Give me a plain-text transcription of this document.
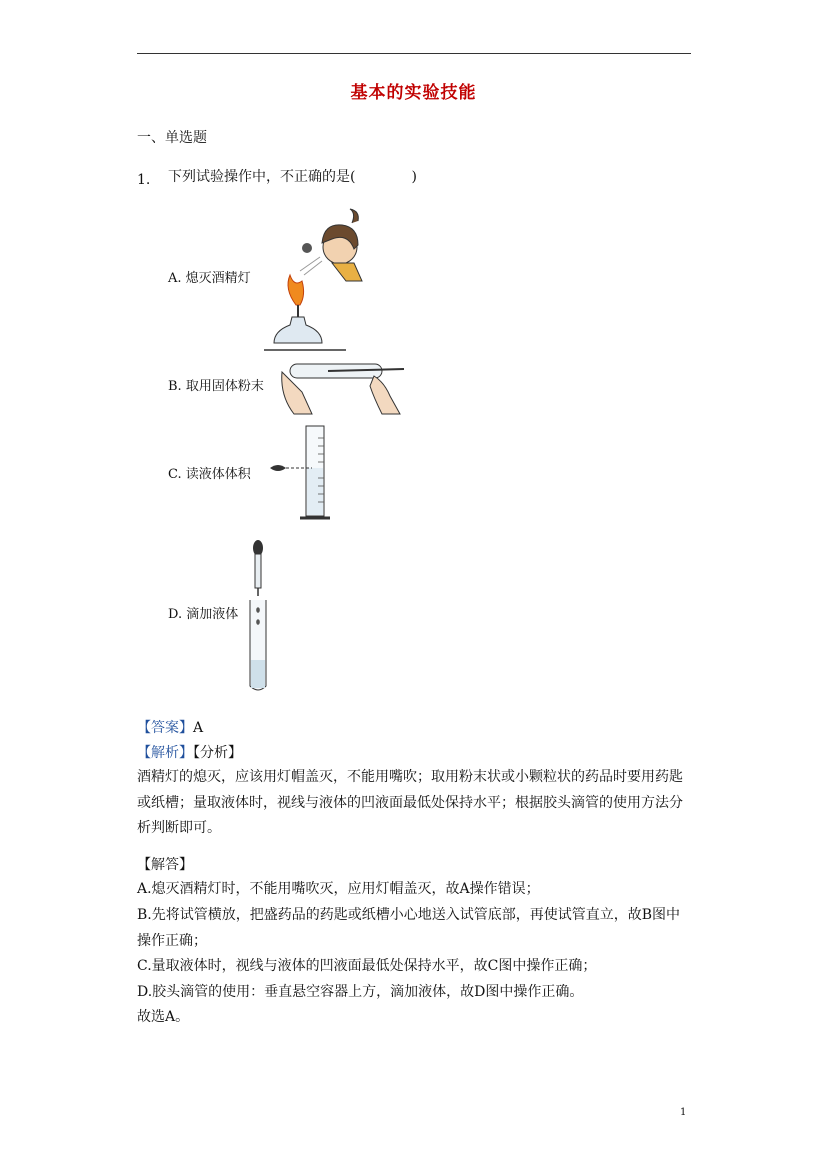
基本的实验技能
一、单选题
1. 下列试验操作中，不正确的是(　　　　)
A. 熄灭酒精灯
B. 取用固体粉末
C. 读液体体积
D. 滴加液体
【答案】A
【解析】【分析】
酒精灯的熄灭，应该用灯帽盖灭，不能用嘴吹；取用粉末状或小颗粒状的药品时要用药匙或纸槽；量取液体时，视线与液体的凹液面最低处保持水平；根据胶头滴管的使用方法分析判断即可。
【解答】
A.熄灭酒精灯时，不能用嘴吹灭，应用灯帽盖灭，故A操作错误；
B.先将试管横放，把盛药品的药匙或纸槽小心地送入试管底部，再使试管直立，故B图中操作正确；
C.量取液体时，视线与液体的凹液面最低处保持水平，故C图中操作正确；
D.胶头滴管的使用：垂直悬空容器上方，滴加液体，故D图中操作正确。
故选A。
1
